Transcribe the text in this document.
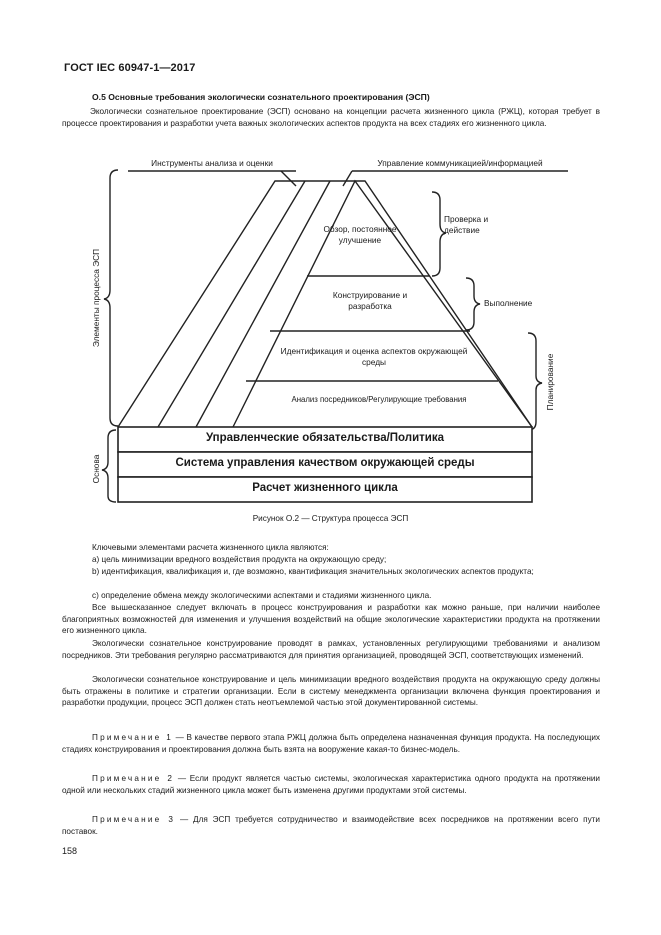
ГОСТ IEC 60947-1—2017
О.5 Основные требования экологически сознательного проектирования (ЭСП)
Экологически сознательное проектирование (ЭСП) основано на концепции расчета жизненного цикла (РЖЦ), которая требует в процессе проектирования и разработки учета важных экологических аспектов продукта на всех стадиях его жизненного цикла.
Инструменты анализа и оценки	Управление коммуникацией/информацией
Обзор, постоянное улучшение
Конструирование и разработка
Идентификация и оценка аспектов окружающей среды
Анализ посредников/Регулирующие требования
Проверка и действие
Выполнение
Планирование
Элементы процесса ЭСП
Основа
Управленческие обязательства/Политика
Система управления качеством окружающей среды
Расчет жизненного цикла
Рисунок О.2 — Структура процесса ЭСП
Ключевыми элементами расчета жизненного цикла являются:
а) цель минимизации вредного воздействия продукта на окружающую среду;
b) идентификация, квалификация и, где возможно, квантификация значительных экологических аспектов продукта;
с) определение обмена между экологическими аспектами и стадиями жизненного цикла.
Все вышесказанное следует включать в процесс конструирования и разработки как можно раньше, при наличии наиболее благоприятных возможностей для изменения и улучшения воздействий на общие экологические характеристики продукта на протяжении его жизненного цикла.
Экологически сознательное конструирование проводят в рамках, установленных регулирующими требованиями и анализом посредников. Эти требования регулярно рассматриваются для принятия организацией, проводящей ЭСП, соответствующих изменений.
Экологически сознательное конструирование и цель минимизации вредного воздействия продукта на окружающую среду должны быть отражены в политике и стратегии организации. Если в систему менеджмента организации включена функция проектирования и разработки продукции, процесс ЭСП должен стать неотъемлемой частью этой документированной системы.
Примечание 1 — В качестве первого этапа РЖЦ должна быть определена назначенная функция продукта. На последующих стадиях конструирования и проектирования должна быть взята на вооружение какая-то бизнес-модель.
Примечание 2 — Если продукт является частью системы, экологическая характеристика одного продукта на протяжении одной или нескольких стадий жизненного цикла может быть изменена другими продуктами этой системы.
Примечание 3 — Для ЭСП требуется сотрудничество и взаимодействие всех посредников на протяжении всего пути поставок.
158
